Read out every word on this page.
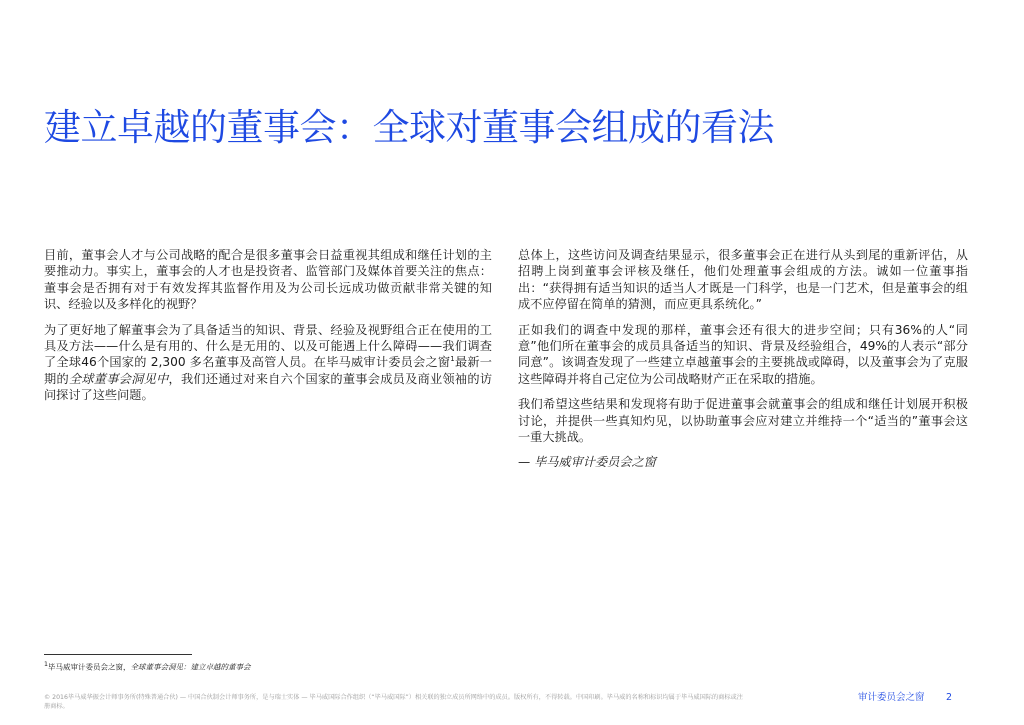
建立卓越的董事会：全球对董事会组成的看法

目前，董事会人才与公司战略的配合是很多董事会日益重视其组成和继任计划的主要推动力。事实上，董事会的人才也是投资者、监管部门及媒体首要关注的焦点：董事会是否拥有对于有效发挥其监督作用及为公司长远成功做贡献非常关键的知识、经验以及多样化的视野？

为了更好地了解董事会为了具备适当的知识、背景、经验及视野组合正在使用的工具及方法——什么是有用的、什么是无用的、以及可能遇上什么障碍——我们调查了全球46个国家的 2,300 多名董事及高管人员。在毕马威审计委员会之窗$^1$最新一期的全球董事会洞见中，我们还通过对来自六个国家的董事会成员及商业领袖的访问探讨了这些问题。

总体上，这些访问及调查结果显示，很多董事会正在进行从头到尾的重新评估，从招聘上岗到董事会评核及继任，他们处理董事会组成的方法。诚如一位董事指出：“获得拥有适当知识的适当人才既是一门科学，也是一门艺术，但是董事会的组成不应停留在简单的猜测，而应更具系统化。”

正如我们的调查中发现的那样，董事会还有很大的进步空间；只有36%的人“同意”他们所在董事会的成员具备适当的知识、背景及经验组合，49%的人表示“部分同意”。该调查发现了一些建立卓越董事会的主要挑战或障碍，以及董事会为了克服这些障碍并将自己定位为公司战略财产正在采取的措施。

我们希望这些结果和发现将有助于促进董事会就董事会的组成和继任计划展开积极讨论，并提供一些真知灼见，以协助董事会应对建立并维持一个“适当的”董事会这一重大挑战。

— 毕马威审计委员会之窗

$^1$毕马威审计委员会之窗，全球董事会洞见：建立卓越的董事会
© 2016毕马威华振会计师事务所(特殊普通合伙) — 中国合伙制会计师事务所，是与瑞士实体 — 毕马威国际合作组织（“毕马威国际”）相关联的独立成员所网络中的成员。版权所有，不得转载。中国印刷。毕马威的名称和标识均属于毕马威国际的商标或注册商标。
审计委员会之窗	2
